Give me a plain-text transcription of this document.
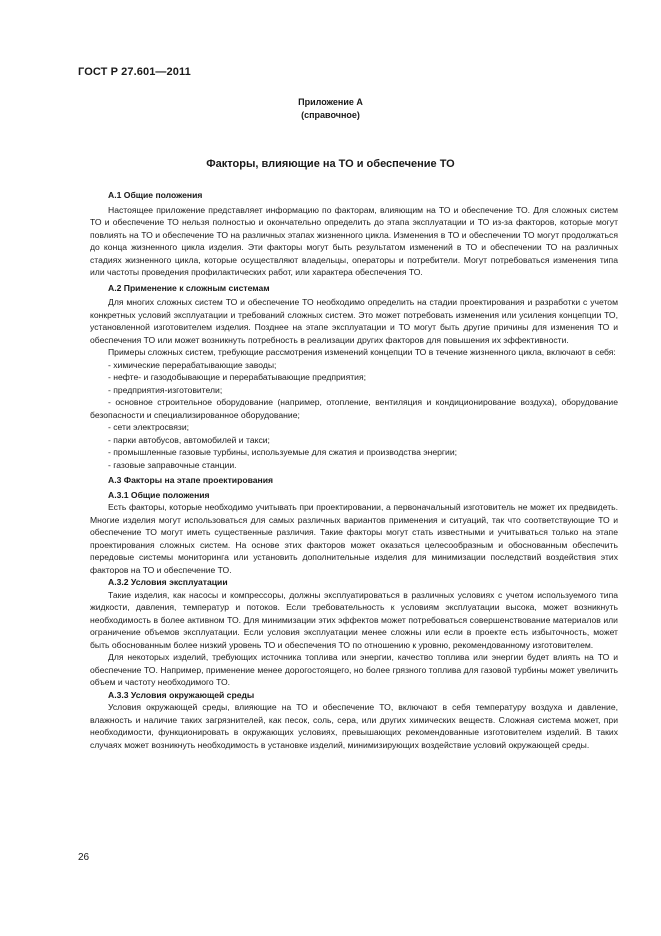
ГОСТ Р 27.601—2011
Приложение А
(справочное)
Факторы, влияющие на ТО и обеспечение ТО

А.1 Общие положения

Настоящее приложение представляет информацию по факторам, влияющим на ТО и обеспечение ТО. Для сложных систем ТО и обеспечение ТО нельзя полностью и окончательно определить до этапа эксплуатации и ТО из-за факторов, которые могут повлиять на ТО и обеспечение ТО на различных этапах жизненного цикла. Изменения в ТО и обеспечении ТО могут продолжаться до конца жизненного цикла изделия. Эти факторы могут быть результатом изменений в ТО и обеспечении ТО на различных стадиях жизненного цикла, которые осуществляют владельцы, операторы и потребители. Могут потребоваться изменения типа или частоты проведения профилактических работ, или характера обеспечения ТО.

А.2 Применение к сложным системам

Для многих сложных систем ТО и обеспечение ТО необходимо определить на стадии проектирования и разработки с учетом конкретных условий эксплуатации и требований сложных систем. Это может потребовать изменения или усиления концепции ТО, установленной изготовителем изделия. Позднее на этапе эксплуатации и ТО могут быть другие причины для изменения ТО и обеспечения ТО или может возникнуть потребность в реализации других факторов для повышения их эффективности.

Примеры сложных систем, требующие рассмотрения изменений концепции ТО в течение жизненного цикла, включают в себя:

- химические перерабатывающие заводы;

- нефте- и газодобывающие и перерабатывающие предприятия;

- предприятия-изготовители;

- основное строительное оборудование (например, отопление, вентиляция и кондиционирование воздуха), оборудование безопасности и специализированное оборудование;

- сети электросвязи;

- парки автобусов, автомобилей и такси;

- промышленные газовые турбины, используемые для сжатия и производства энергии;

- газовые заправочные станции.

А.3 Факторы на этапе проектирования

А.3.1 Общие положения

Есть факторы, которые необходимо учитывать при проектировании, а первоначальный изготовитель не может их предвидеть. Многие изделия могут использоваться для самых различных вариантов применения и ситуаций, так что соответствующие ТО и обеспечение ТО могут иметь существенные различия. Такие факторы могут стать известными и учитываться только на этапе проектирования сложных систем. На основе этих факторов может оказаться целесообразным и обоснованным обеспечить передовые системы мониторинга или установить дополнительные изделия для минимизации последствий воздействия этих факторов на ТО и обеспечение ТО.

А.3.2 Условия эксплуатации

Такие изделия, как насосы и компрессоры, должны эксплуатироваться в различных условиях с учетом используемого типа жидкости, давления, температур и потоков. Если требовательность к условиям эксплуатации высока, может возникнуть необходимость в более активном ТО. Для минимизации этих эффектов может потребоваться совершенствование материалов или ограничение объемов эксплуатации. Если условия эксплуатации менее сложны или если в проекте есть избыточность, может быть обоснованным более низкий уровень ТО и обеспечения ТО по отношению к уровню, рекомендованному изготовителем.

Для некоторых изделий, требующих источника топлива или энергии, качество топлива или энергии будет влиять на ТО и обеспечение ТО. Например, применение менее дорогостоящего, но более грязного топлива для газовой турбины может увеличить объем и частоту необходимого ТО.

А.3.3 Условия окружающей среды

Условия окружающей среды, влияющие на ТО и обеспечение ТО, включают в себя температуру воздуха и давление, влажность и наличие таких загрязнителей, как песок, соль, сера, или других химических веществ. Сложная система может, при необходимости, функционировать в окружающих условиях, превышающих рекомендованные изготовителем изделий. В таких случаях может возникнуть необходимость в установке изделий, минимизирующих воздействие условий окружающей среды.

26
